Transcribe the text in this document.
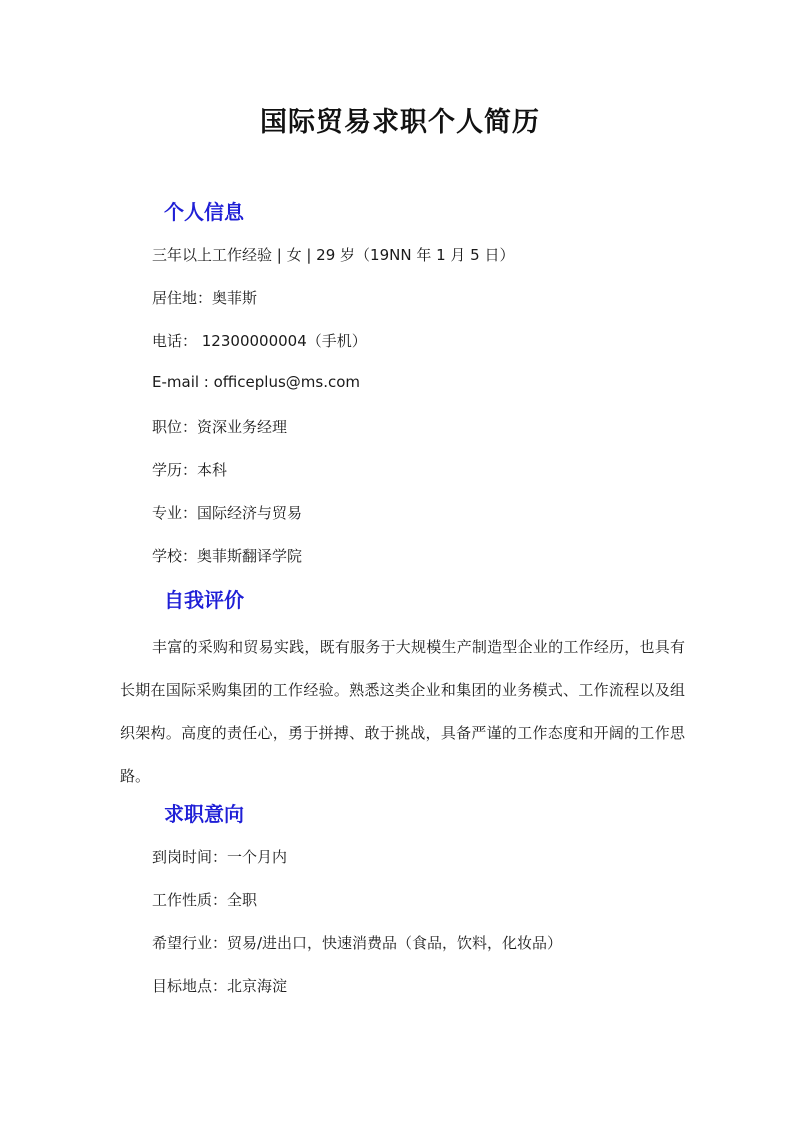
国际贸易求职个人简历
个人信息
三年以上工作经验 | 女 | 29 岁（19NN 年 1 月 5 日）
居住地：奥菲斯
电话： 12300000004（手机）
E-mail : officeplus@ms.com
职位：资深业务经理
学历：本科
专业：国际经济与贸易
学校：奥菲斯翻译学院
自我评价
丰富的采购和贸易实践，既有服务于大规模生产制造型企业的工作经历，也具有长期在国际采购集团的工作经验。熟悉这类企业和集团的业务模式、工作流程以及组织架构。高度的责任心，勇于拼搏、敢于挑战，具备严谨的工作态度和开阔的工作思路。
求职意向
到岗时间：一个月内
工作性质：全职
希望行业：贸易/进出口，快速消费品（食品，饮料，化妆品）
目标地点：北京海淀
